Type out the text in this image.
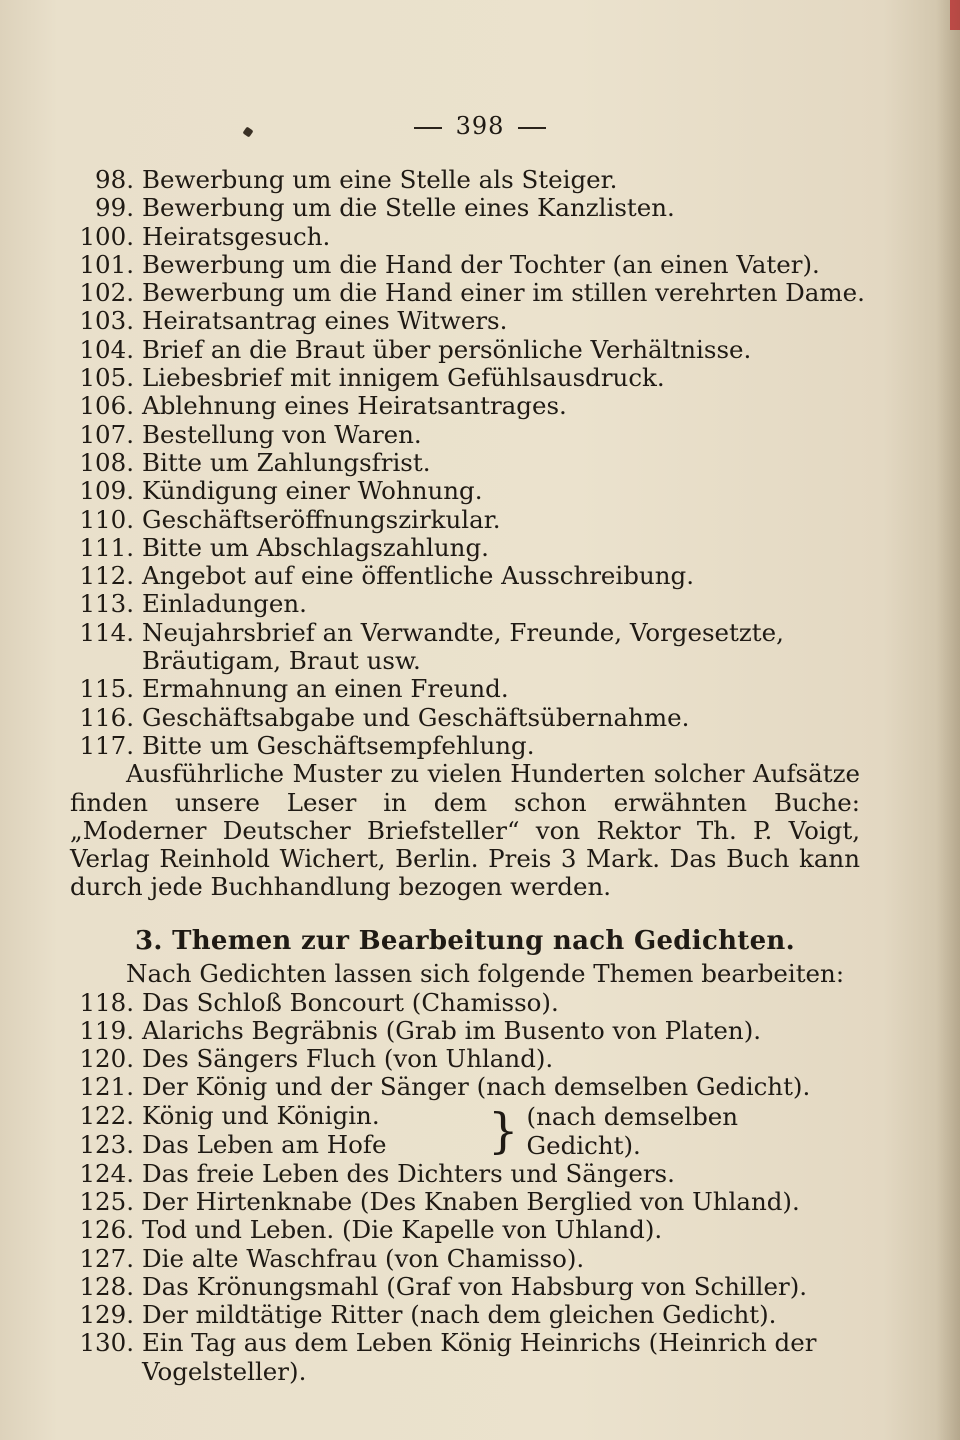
398
98. Bewerbung um eine Stelle als Steiger.
99. Bewerbung um die Stelle eines Kanzlisten.
100. Heiratsgesuch.
101. Bewerbung um die Hand der Tochter (an einen Vater).
102. Bewerbung um die Hand einer im stillen verehrten Dame.
103. Heiratsantrag eines Witwers.
104. Brief an die Braut über persönliche Verhältnisse.
105. Liebesbrief mit innigem Gefühlsausdruck.
106. Ablehnung eines Heiratsantrages.
107. Bestellung von Waren.
108. Bitte um Zahlungsfrist.
109. Kündigung einer Wohnung.
110. Geschäftseröffnungszirkular.
111. Bitte um Abschlagszahlung.
112. Angebot auf eine öffentliche Ausschreibung.
113. Einladungen.
114. Neujahrsbrief an Verwandte, Freunde, Vorgesetzte, Bräutigam, Braut usw.
115. Ermahnung an einen Freund.
116. Geschäftsabgabe und Geschäftsübernahme.
117. Bitte um Geschäftsempfehlung.

Ausführliche Muster zu vielen Hunderten solcher Aufsätze finden unsere Leser in dem schon erwähnten Buche: „Moderner Deutscher Briefsteller“ von Rektor Th. P. Voigt, Verlag Reinhold Wichert, Berlin. Preis 3 Mark. Das Buch kann durch jede Buchhandlung bezogen werden.

3. Themen zur Bearbeitung nach Gedichten.
Nach Gedichten lassen sich folgende Themen bearbeiten:
118. Das Schloß Boncourt (Chamisso).
119. Alarichs Begräbnis (Grab im Busento von Platen).
120. Des Sängers Fluch (von Uhland).
121. Der König und der Sänger (nach demselben Gedicht).
122. König und Königin.
123. Das Leben am Hofe	} (nach demselben Gedicht).
124. Das freie Leben des Dichters und Sängers.
125. Der Hirtenknabe (Des Knaben Berglied von Uhland).
126. Tod und Leben. (Die Kapelle von Uhland).
127. Die alte Waschfrau (von Chamisso).
128. Das Krönungsmahl (Graf von Habsburg von Schiller).
129. Der mildtätige Ritter (nach dem gleichen Gedicht).
130. Ein Tag aus dem Leben König Heinrichs (Heinrich der Vogelsteller).
